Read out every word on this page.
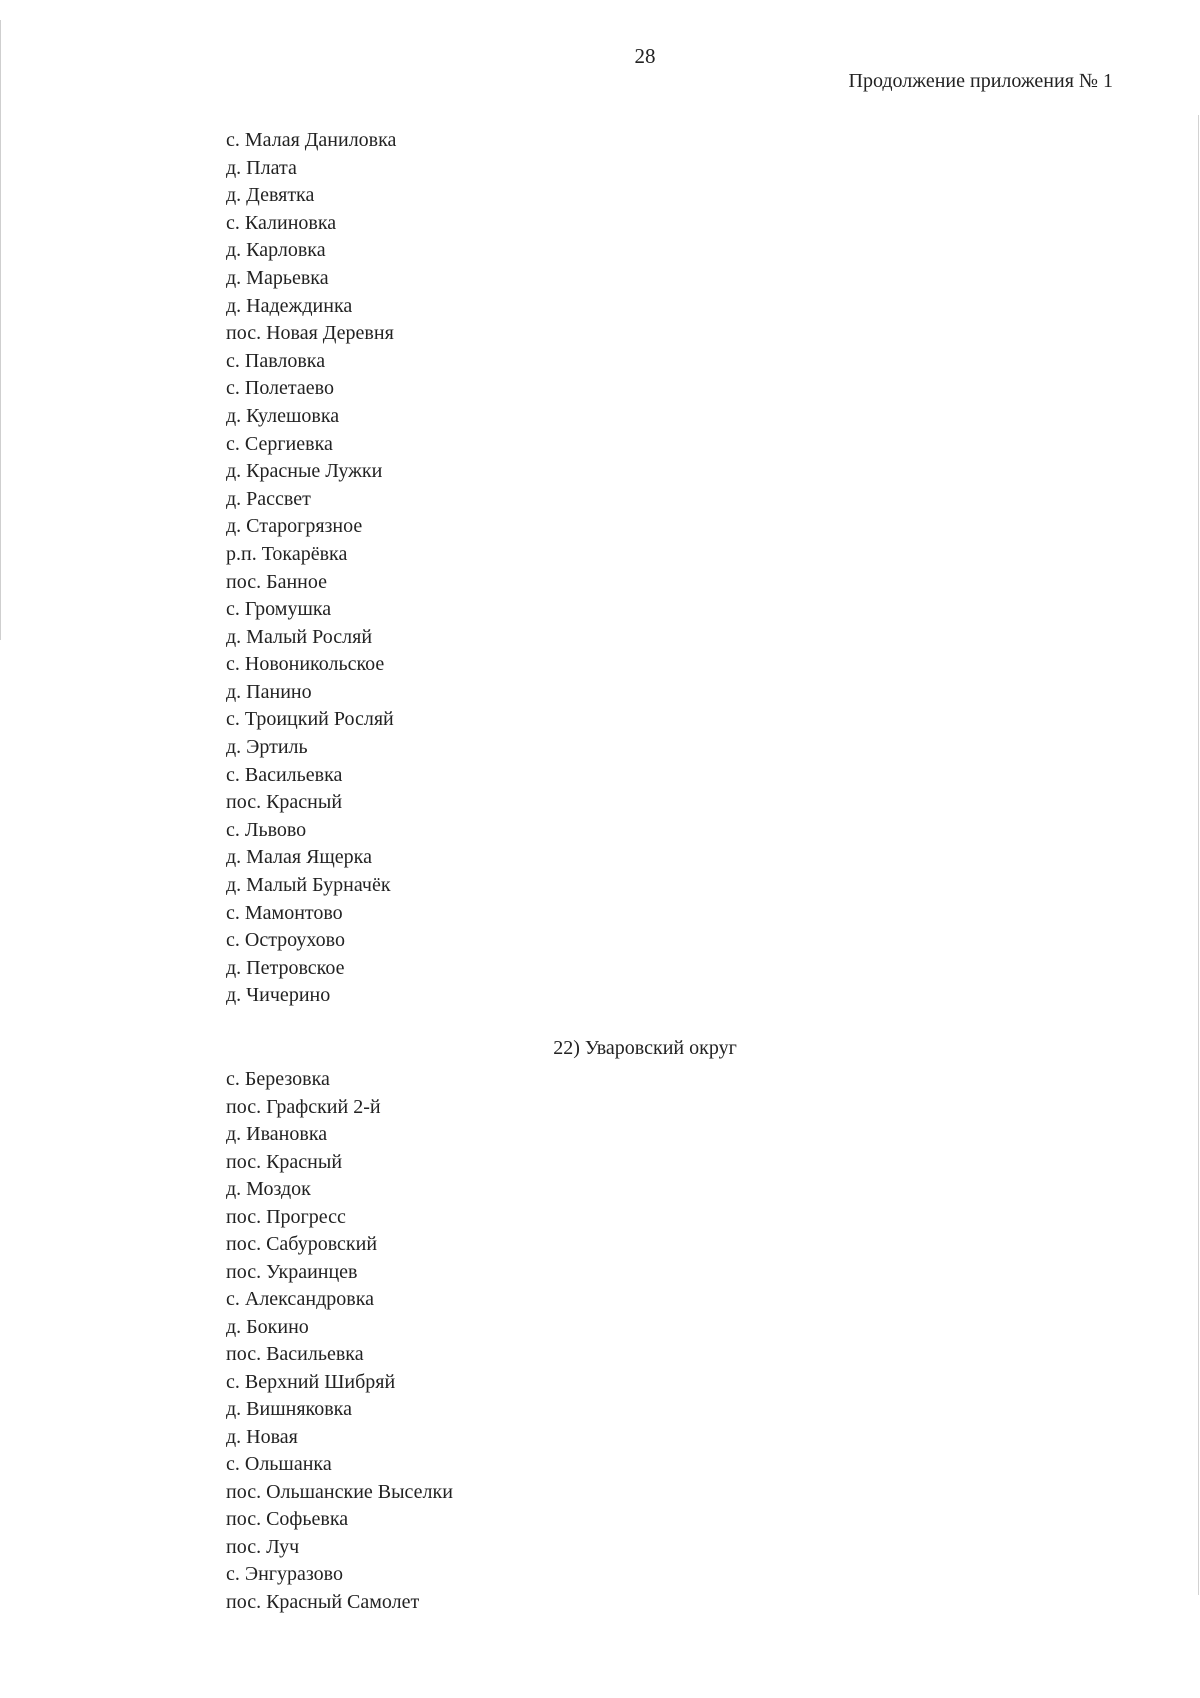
28
Продолжение приложения № 1
с. Малая Даниловка
д. Плата
д. Девятка
с. Калиновка
д. Карловка
д. Марьевка
д. Надеждинка
пос. Новая Деревня
с. Павловка
с. Полетаево
д. Кулешовка
с. Сергиевка
д. Красные Лужки
д. Рассвет
д. Старогрязное
р.п. Токарёвка
пос. Банное
с. Громушка
д. Малый Росляй
с. Новоникольское
д. Панино
с. Троицкий Росляй
д. Эртиль
с. Васильевка
пос. Красный
с. Львово
д. Малая Ящерка
д. Малый Бурначёк
с. Мамонтово
с. Остроухово
д. Петровское
д. Чичерино
22) Уваровский округ
с. Березовка
пос. Графский 2-й
д. Ивановка
пос. Красный
д. Моздок
пос. Прогресс
пос. Сабуровский
пос. Украинцев
с. Александровка
д. Бокино
пос. Васильевка
с. Верхний Шибряй
д. Вишняковка
д. Новая
с. Ольшанка
пос. Ольшанские Выселки
пос. Софьевка
пос. Луч
с. Энгуразово
пос. Красный Самолет
